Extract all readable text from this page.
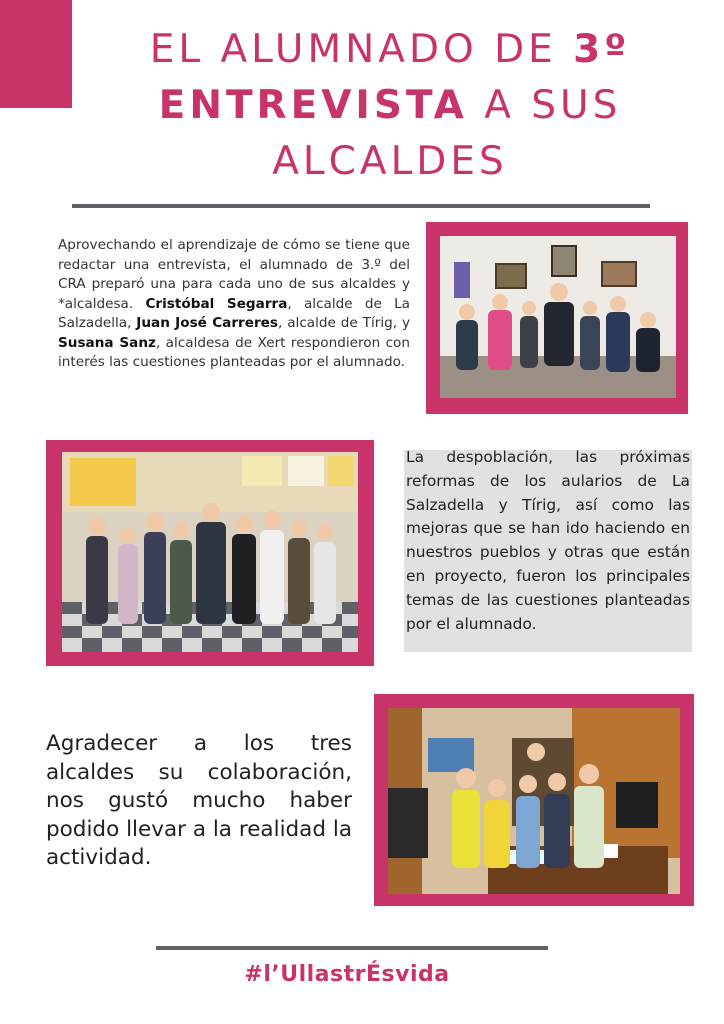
EL ALUMNADO DE 3º
ENTREVISTA A SUS
ALCALDES
Aprovechando el aprendizaje de cómo se tiene que redactar una entrevista, el alumnado de 3.º del CRA preparó una para cada uno de sus alcaldes y *alcaldesa. Cristóbal Segarra, alcalde de La Salzadella, Juan José Carreres, alcalde de Tírig, y Susana Sanz, alcaldesa de Xert respondieron con interés las cuestiones planteadas por el alumnado.
La despoblación, las próximas reformas de los aularios de La Salzadella y Tírig, así como las mejoras que se han ido haciendo en nuestros pueblos y otras que están en proyecto, fueron los principales temas de las cuestiones planteadas por el alumnado.
Agradecer a los tres alcaldes su colaboración, nos gustó mucho haber podido llevar a la realidad la actividad.
#l’UllastrÉsvida
